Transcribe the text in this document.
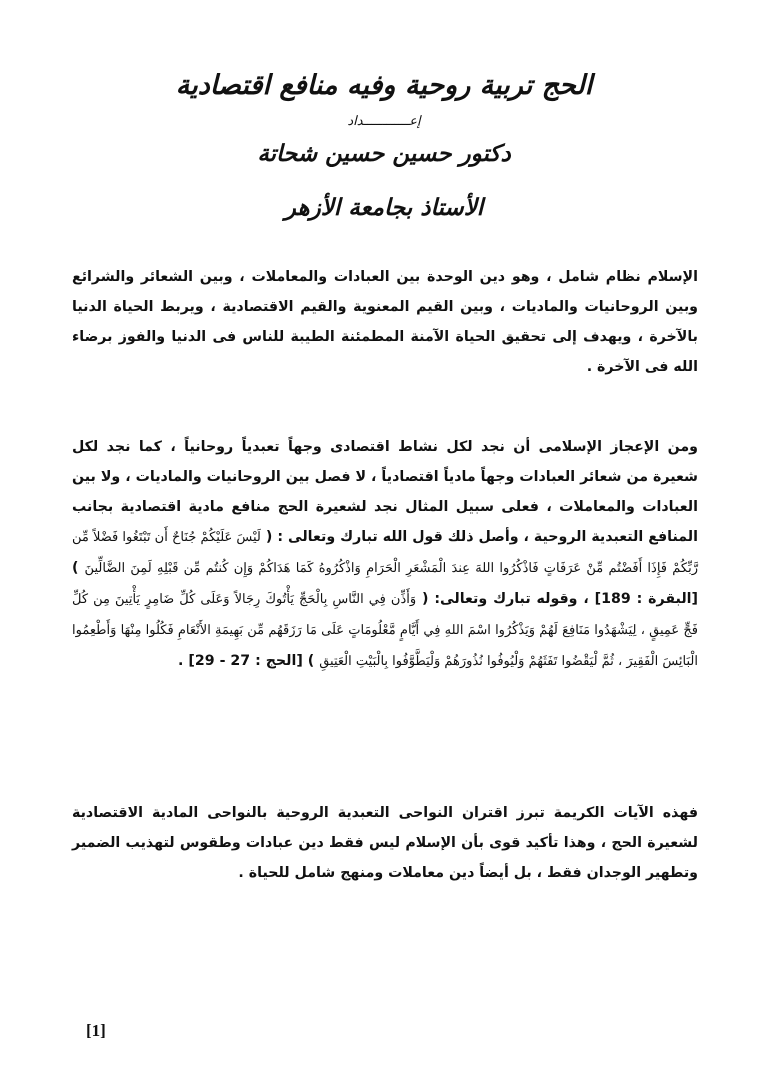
الحج تربية روحية وفيه منافع اقتصادية

إعــــــــــــداد

دكتور حسين حسين شحاتة
الأستاذ بجامعة الأزهر

الإسلام نظام شامل ، وهو دين الوحدة بين العبادات والمعاملات ، وبين الشعائر والشرائع وبين الروحانيات والماديات ، وبين القيم المعنوية والقيم الاقتصادية ، ويربط الحياة الدنيا بالآخرة ، ويهدف إلى تحقيق الحياة الآمنة المطمئنة الطيبة للناس فى الدنيا والفوز برضاء الله فى الآخرة .

ومن الإعجاز الإسلامى أن نجد لكل نشاط اقتصادى وجهاً تعبدياً روحانياً ، كما نجد لكل شعيرة من شعائر العبادات وجهاً مادياً اقتصادياً ، لا فصل بين الروحانيات والماديات ، ولا بين العبادات والمعاملات ، فعلى سبيل المثال نجد لشعيرة الحج منافع مادية اقتصادية بجانب المنافع التعبدية الروحية ، وأصل ذلك قول الله تبارك وتعالى : ( لَيْسَ عَلَيْكُمْ جُنَاحٌ أَن تَبْتَغُوا فَضْلاً مِّن رَّبِّكُمْ فَإِذَا أَفَضْتُم مِّنْ عَرَفَاتٍ فَاذْكُرُوا اللهَ عِندَ الْمَشْعَرِ الْحَرَامِ وَاذْكُرُوهُ كَمَا هَدَاكُمْ وَإِن كُنتُم مِّن قَبْلِهِ لَمِنَ الضَّالِّينَ ) [البقرة : 189] ، وقوله تبارك وتعالى: ( وَأَذِّن فِي النَّاسِ بِالْحَجِّ يَأْتُوكَ رِجَالاً وَعَلَى كُلِّ ضَامِرٍ يَأْتِينَ مِن كُلِّ فَجٍّ عَمِيقٍ ، لِيَشْهَدُوا مَنَافِعَ لَهُمْ وَيَذْكُرُوا اسْمَ اللهِ فِي أَيَّامٍ مَّعْلُومَاتٍ عَلَى مَا رَزَقَهُم مِّن بَهِيمَةِ الأَنْعَامِ فَكُلُوا مِنْهَا وَأَطْعِمُوا الْبَائِسَ الْفَقِيرَ ، ثُمَّ لْيَقْضُوا تَفَثَهُمْ وَلْيُوفُوا نُذُورَهُمْ وَلْيَطَّوَّفُوا بِالْبَيْتِ الْعَتِيقِ ) [الحج : 27 - 29] .

فهذه الآيات الكريمة تبرز اقتران النواحى التعبدية الروحية بالنواحى المادية الاقتصادية لشعيرة الحج ، وهذا تأكيد قوى بأن الإسلام ليس فقط دين عبادات وطقوس لتهذيب الضمير وتطهير الوجدان فقط ، بل أيضاً دين معاملات ومنهج شامل للحياة .

[1]
